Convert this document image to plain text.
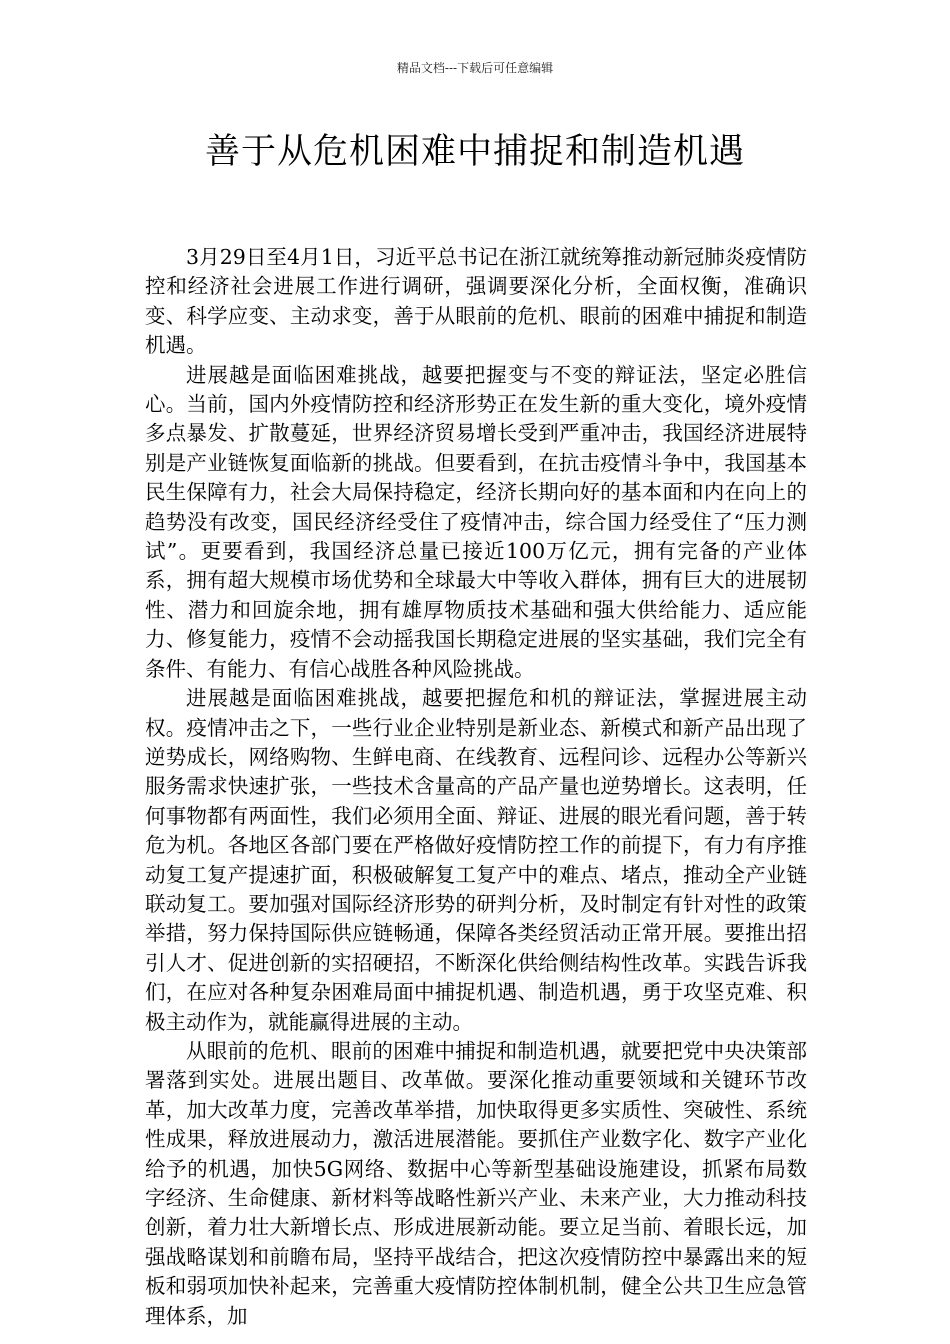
精品文档---下载后可任意编辑
善于从危机困难中捕捉和制造机遇

3月29日至4月1日，习近平总书记在浙江就统筹推动新冠肺炎疫情防控和经济社会进展工作进行调研，强调要深化分析，全面权衡，准确识变、科学应变、主动求变，善于从眼前的危机、眼前的困难中捕捉和制造机遇。

进展越是面临困难挑战，越要把握变与不变的辩证法，坚定必胜信心。当前，国内外疫情防控和经济形势正在发生新的重大变化，境外疫情多点暴发、扩散蔓延，世界经济贸易增长受到严重冲击，我国经济进展特别是产业链恢复面临新的挑战。但要看到，在抗击疫情斗争中，我国基本民生保障有力，社会大局保持稳定，经济长期向好的基本面和内在向上的趋势没有改变，国民经济经受住了疫情冲击，综合国力经受住了“压力测试”。更要看到，我国经济总量已接近100万亿元，拥有完备的产业体系，拥有超大规模市场优势和全球最大中等收入群体，拥有巨大的进展韧性、潜力和回旋余地，拥有雄厚物质技术基础和强大供给能力、适应能力、修复能力，疫情不会动摇我国长期稳定进展的坚实基础，我们完全有条件、有能力、有信心战胜各种风险挑战。

进展越是面临困难挑战，越要把握危和机的辩证法，掌握进展主动权。疫情冲击之下，一些行业企业特别是新业态、新模式和新产品出现了逆势成长，网络购物、生鲜电商、在线教育、远程问诊、远程办公等新兴服务需求快速扩张，一些技术含量高的产品产量也逆势增长。这表明，任何事物都有两面性，我们必须用全面、辩证、进展的眼光看问题，善于转危为机。各地区各部门要在严格做好疫情防控工作的前提下，有力有序推动复工复产提速扩面，积极破解复工复产中的难点、堵点，推动全产业链联动复工。要加强对国际经济形势的研判分析，及时制定有针对性的政策举措，努力保持国际供应链畅通，保障各类经贸活动正常开展。要推出招引人才、促进创新的实招硬招，不断深化供给侧结构性改革。实践告诉我们，在应对各种复杂困难局面中捕捉机遇、制造机遇，勇于攻坚克难、积极主动作为，就能赢得进展的主动。

从眼前的危机、眼前的困难中捕捉和制造机遇，就要把党中央决策部署落到实处。进展出题目、改革做。要深化推动重要领域和关键环节改革，加大改革力度，完善改革举措，加快取得更多实质性、突破性、系统性成果，释放进展动力，激活进展潜能。要抓住产业数字化、数字产业化给予的机遇，加快5G网络、数据中心等新型基础设施建设，抓紧布局数字经济、生命健康、新材料等战略性新兴产业、未来产业，大力推动科技创新，着力壮大新增长点、形成进展新动能。要立足当前、着眼长远，加强战略谋划和前瞻布局，坚持平战结合，把这次疫情防控中暴露出来的短板和弱项加快补起来，完善重大疫情防控体制机制，健全公共卫生应急管理体系，加
